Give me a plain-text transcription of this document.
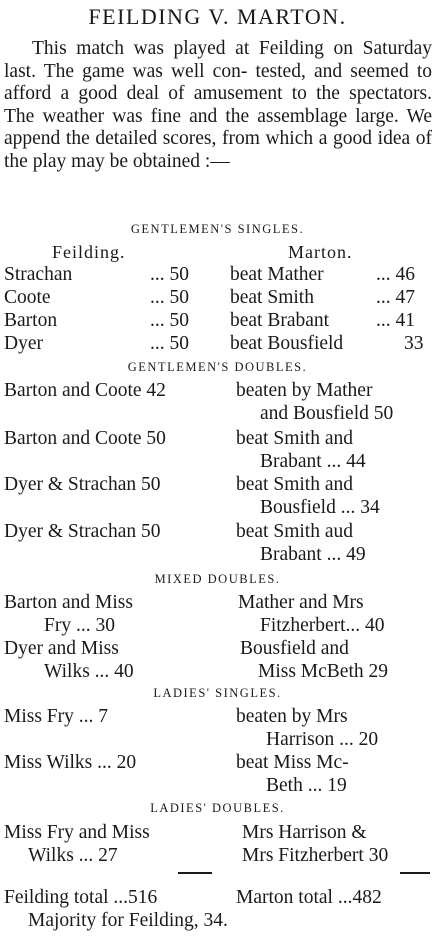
FEILDING V. MARTON.
This match was played at Feilding on Saturday last. The game was well con- tested, and seemed to afford a good deal of amusement to the spectators. The weather was fine and the assemblage large. We append the detailed scores, from which a good idea of the play may be obtained :—
GENTLEMEN'S SINGLES.
Feilding.	Marton.
Strachan	... 50 beat Mather	... 46
Coote	... 50 beat Smith	... 47
Barton	... 50 beat Brabant ... 41
Dyer	... 50 beat Bousfield	33
GENTLEMEN'S DOUBLES.
Barton and Coote 42	beaten by Mather
and Bousfield 50
Barton and Coote 50	beat Smith and
Brabant ... 44
Dyer & Strachan 50	beat Smith and
Bousfield ... 34
Dyer & Strachan 50	beat Smith aud
Brabant ... 49
MIXED DOUBLES.
Barton and Miss	Mather and Mrs
Fry ... 30	Fitzherbert... 40
Dyer and Miss	Bousfield and
Wilks ... 40	Miss McBeth 29
LADIES' SINGLES.
Miss Fry ... 7	beaten by Mrs
Harrison ... 20
Miss Wilks ... 20	beat Miss Mc-
Beth ... 19
LADIES' DOUBLES.
Miss Fry and Miss	Mrs Harrison &
Wilks ... 27	Mrs Fitzherbert 30
Feilding total ...516	Marton total ...482
Majority for Feilding, 34.
